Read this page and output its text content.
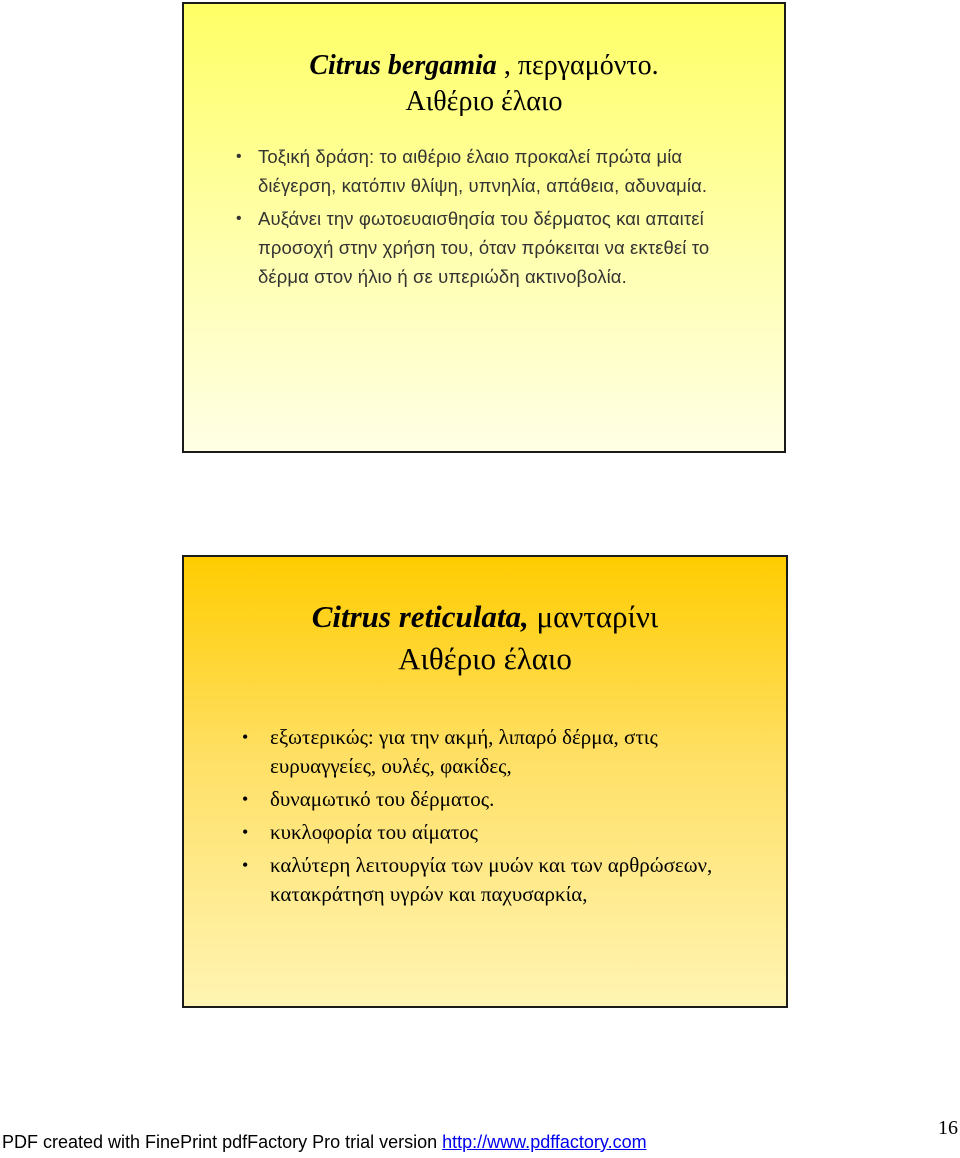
Citrus bergamia , περγαμόντο.
Αιθέριο έλαιο
• Τοξική δράση: το αιθέριο έλαιο προκαλεί πρώτα μία διέγερση, κατόπιν θλίψη, υπνηλία, απάθεια, αδυναμία.
• Αυξάνει την φωτοευαισθησία του δέρματος και απαιτεί προσοχή στην χρήση του, όταν πρόκειται να εκτεθεί το δέρμα στον ήλιο ή σε υπεριώδη ακτινοβολία.
Citrus reticulata, μανταρίνι
Αιθέριο έλαιο
• εξωτερικώς: για την ακμή, λιπαρό δέρμα, στις ευρυαγγείες, ουλές, φακίδες,
• δυναμωτικό του δέρματος.
• κυκλοφορία του αίματος
• καλύτερη λειτουργία των μυών και των αρθρώσεων, κατακράτηση υγρών και παχυσαρκία,
PDF created with FinePrint pdfFactory Pro trial version http://www.pdffactory.com
16
